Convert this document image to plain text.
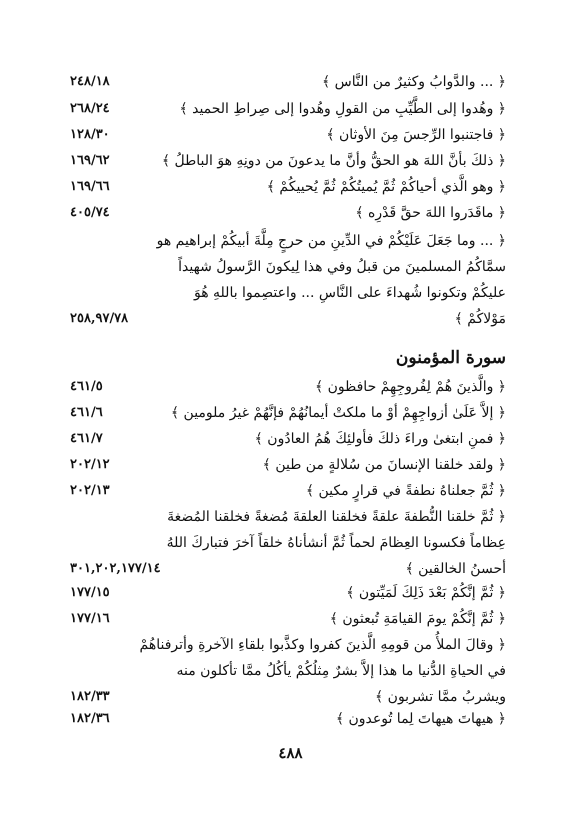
٢٤٨/١٨	﴿ ... والدَّوابُ وكثيرٌ من النَّاس ﴾
٢٦٨/٢٤	﴿ وهُدوا إلى الطَّيِّبِ من القولِ وهُدوا إلى صِراطِ الحميد ﴾
١٢٨/٣٠	﴿ فاجتنبوا الرِّجسَ مِنَ الأوثان ﴾
١٦٩/٦٢	﴿ ذلكَ بأنَّ اللهَ هو الحقُّ وأنَّ ما يدعونَ من دونِهِ هوَ الباطلُ ﴾
١٦٩/٦٦	﴿ وهو الَّذي أحياكُمْ ثُمَّ يُميتُكُمْ ثُمَّ يُحييكُمْ ﴾
٤٠٥/٧٤	﴿ ماقَدَروا اللهَ حقَّ قَدْرِه ﴾
﴿ ... وما جَعَلَ عَلَيْكُمْ في الدِّينِ من حرجٍ مِلَّةَ أبيكُمْ إبراهيم هو
سمَّاكُمُ المسلمينَ من قبلُ وفي هذا لِيكونَ الرَّسولُ شهيداً
عليكُمْ وتكونوا شُهداءَ على النَّاسِ ... واعتصِموا باللهِ هُوَ
٢٥٨,٩٧/٧٨	مَوْلاكُمْ ﴾
سورة المؤمنون
٤٦١/٥	﴿ والَّذينَ هُمْ لِفُروجِهِمْ حافظون ﴾
٤٦١/٦	﴿ إلاَّ عَلَىٰ أزواجِهِمْ أوْ ما ملكتْ أيمانُهُمْ فإنَّهُمْ غيرُ ملومين ﴾
٤٦١/٧	﴿ فمنِ ابتغىٰ وراءَ ذلكَ فأولئِكَ هُمُ العادُون ﴾
٢٠٢/١٢	﴿ ولقد خلقنا الإنسانَ من سُلالةٍ من طين ﴾
٢٠٢/١٣	﴿ ثُمَّ جعلناهُ نطفةً في قرارٍ مكين ﴾
﴿ ثُمَّ خلقنا النُّطفةَ علقةً فخلقنا العلقةَ مُضغةً فخلقنا المُضغةَ
عِظاماً فكسونا العِظامَ لحماً ثُمَّ أنشأناهُ خلقاً آخرَ فتباركَ اللهُ
٣٠١,٢٠٢,١٧٧/١٤	أحسنُ الخالقين ﴾
١٧٧/١٥	﴿ ثُمَّ إنَّكُمْ بَعْدَ ذَلِكَ لَمَيِّتون ﴾
١٧٧/١٦	﴿ ثُمَّ إنَّكُمْ يومَ القيامَةِ تُبعثون ﴾
﴿ وقالَ الملأُ من قومِهِ الَّذينَ كفروا وكذَّبوا بلقاءِ الآخرةِ وأترفناهُمْ
في الحياةِ الدُّنيا ما هذا إلاَّ بشرٌ مِثلُكُمْ يأكُلُ ممَّا تأكلون منه
١٨٢/٣٣	ويشربُ ممَّا تشربون ﴾
١٨٢/٣٦	﴿ هيهاتَ هيهاتَ لِما تُوعدون ﴾
٤٨٨
